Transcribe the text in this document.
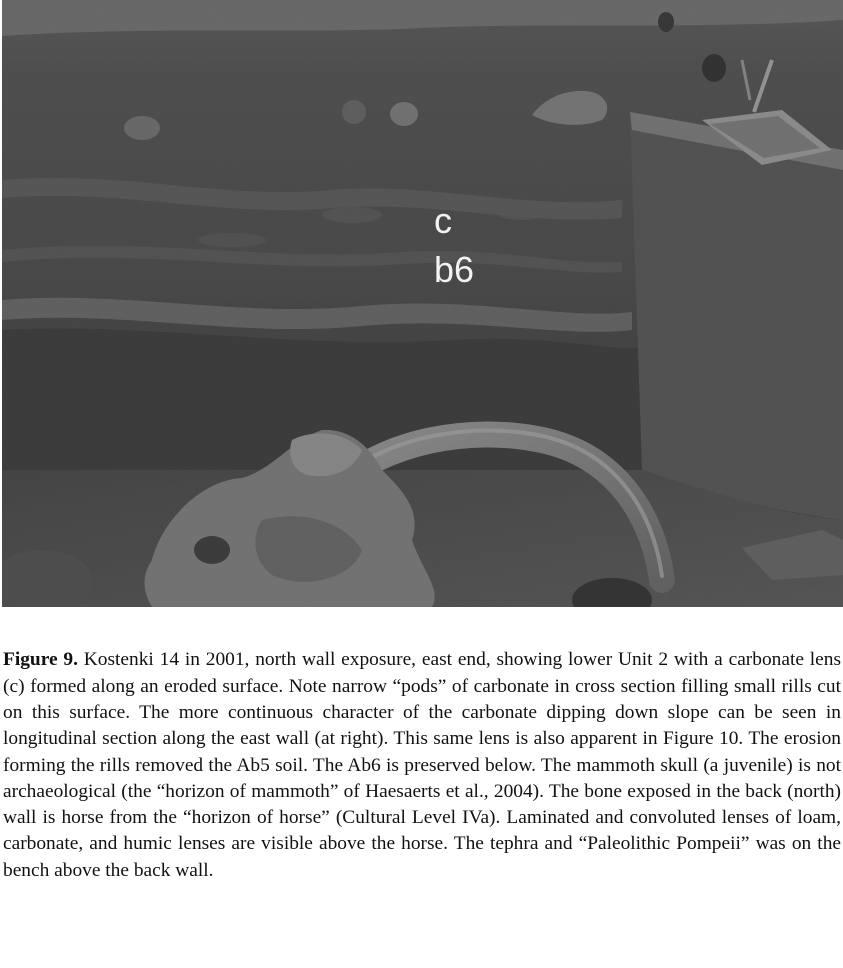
c
b6

Figure 9. Kostenki 14 in 2001, north wall exposure, east end, showing lower Unit 2 with a carbonate lens (c) formed along an eroded surface. Note narrow “pods” of carbonate in cross section filling small rills cut on this surface. The more continuous character of the carbonate dipping down slope can be seen in longitudinal section along the east wall (at right). This same lens is also apparent in Figure 10. The erosion forming the rills removed the Ab5 soil. The Ab6 is preserved below. The mammoth skull (a juvenile) is not archaeological (the “horizon of mammoth” of Haesaerts et al., 2004). The bone exposed in the back (north) wall is horse from the “horizon of horse” (Cultural Level IVa). Laminated and convoluted lenses of loam, carbonate, and humic lenses are visible above the horse. The tephra and “Paleolithic Pompeii” was on the bench above the back wall.
